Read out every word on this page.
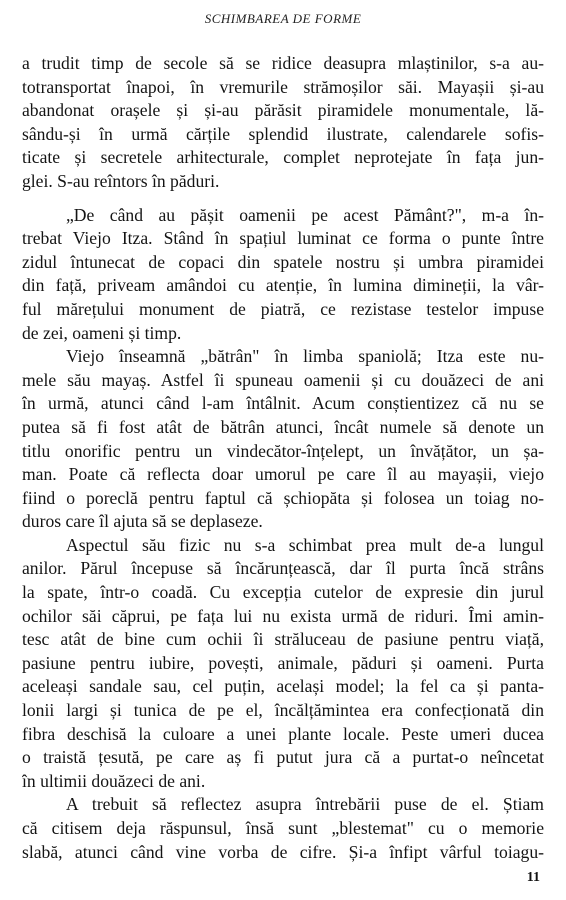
SCHIMBAREA DE FORME
a trudit timp de secole să se ridice deasupra mlaștinilor, s-a au-
totransportat înapoi, în vremurile strămoșilor săi. Mayașii și-au
abandonat orașele și și-au părăsit piramidele monumentale, lă-
sându-și în urmă cărțile splendid ilustrate, calendarele sofis-
ticate și secretele arhitecturale, complet neprotejate în fața jun-
glei. S-au reîntors în păduri.
„De când au pășit oamenii pe acest Pământ?", m-a în-
trebat Viejo Itza. Stând în spațiul luminat ce forma o punte între
zidul întunecat de copaci din spatele nostru și umbra piramidei
din față, priveam amândoi cu atenție, în lumina dimineții, la vâr-
ful mărețului monument de piatră, ce rezistase testelor impuse
de zei, oameni și timp.
Viejo înseamnă „bătrân" în limba spaniolă; Itza este nu-
mele său mayaș. Astfel îi spuneau oamenii și cu douăzeci de ani
în urmă, atunci când l-am întâlnit. Acum conștientizez că nu se
putea să fi fost atât de bătrân atunci, încât numele să denote un
titlu onorific pentru un vindecător-înțelept, un învățător, un șa-
man. Poate că reflecta doar umorul pe care îl au mayașii, viejo
fiind o poreclă pentru faptul că șchiopăta și folosea un toiag no-
duros care îl ajuta să se deplaseze.
Aspectul său fizic nu s-a schimbat prea mult de-a lungul
anilor. Părul începuse să încărunțească, dar îl purta încă strâns
la spate, într-o coadă. Cu excepția cutelor de expresie din jurul
ochilor săi căprui, pe fața lui nu exista urmă de riduri. Îmi amin-
tesc atât de bine cum ochii îi străluceau de pasiune pentru viață,
pasiune pentru iubire, povești, animale, păduri și oameni. Purta
aceleași sandale sau, cel puțin, același model; la fel ca și panta-
lonii largi și tunica de pe el, încălțămintea era confecționată din
fibra deschisă la culoare a unei plante locale. Peste umeri ducea
o traistă țesută, pe care aș fi putut jura că a purtat-o neîncetat
în ultimii douăzeci de ani.
A trebuit să reflectez asupra întrebării puse de el. Știam
că citisem deja răspunsul, însă sunt „blestemat" cu o memorie
slabă, atunci când vine vorba de cifre. Și-a înfipt vârful toiagu-
11
